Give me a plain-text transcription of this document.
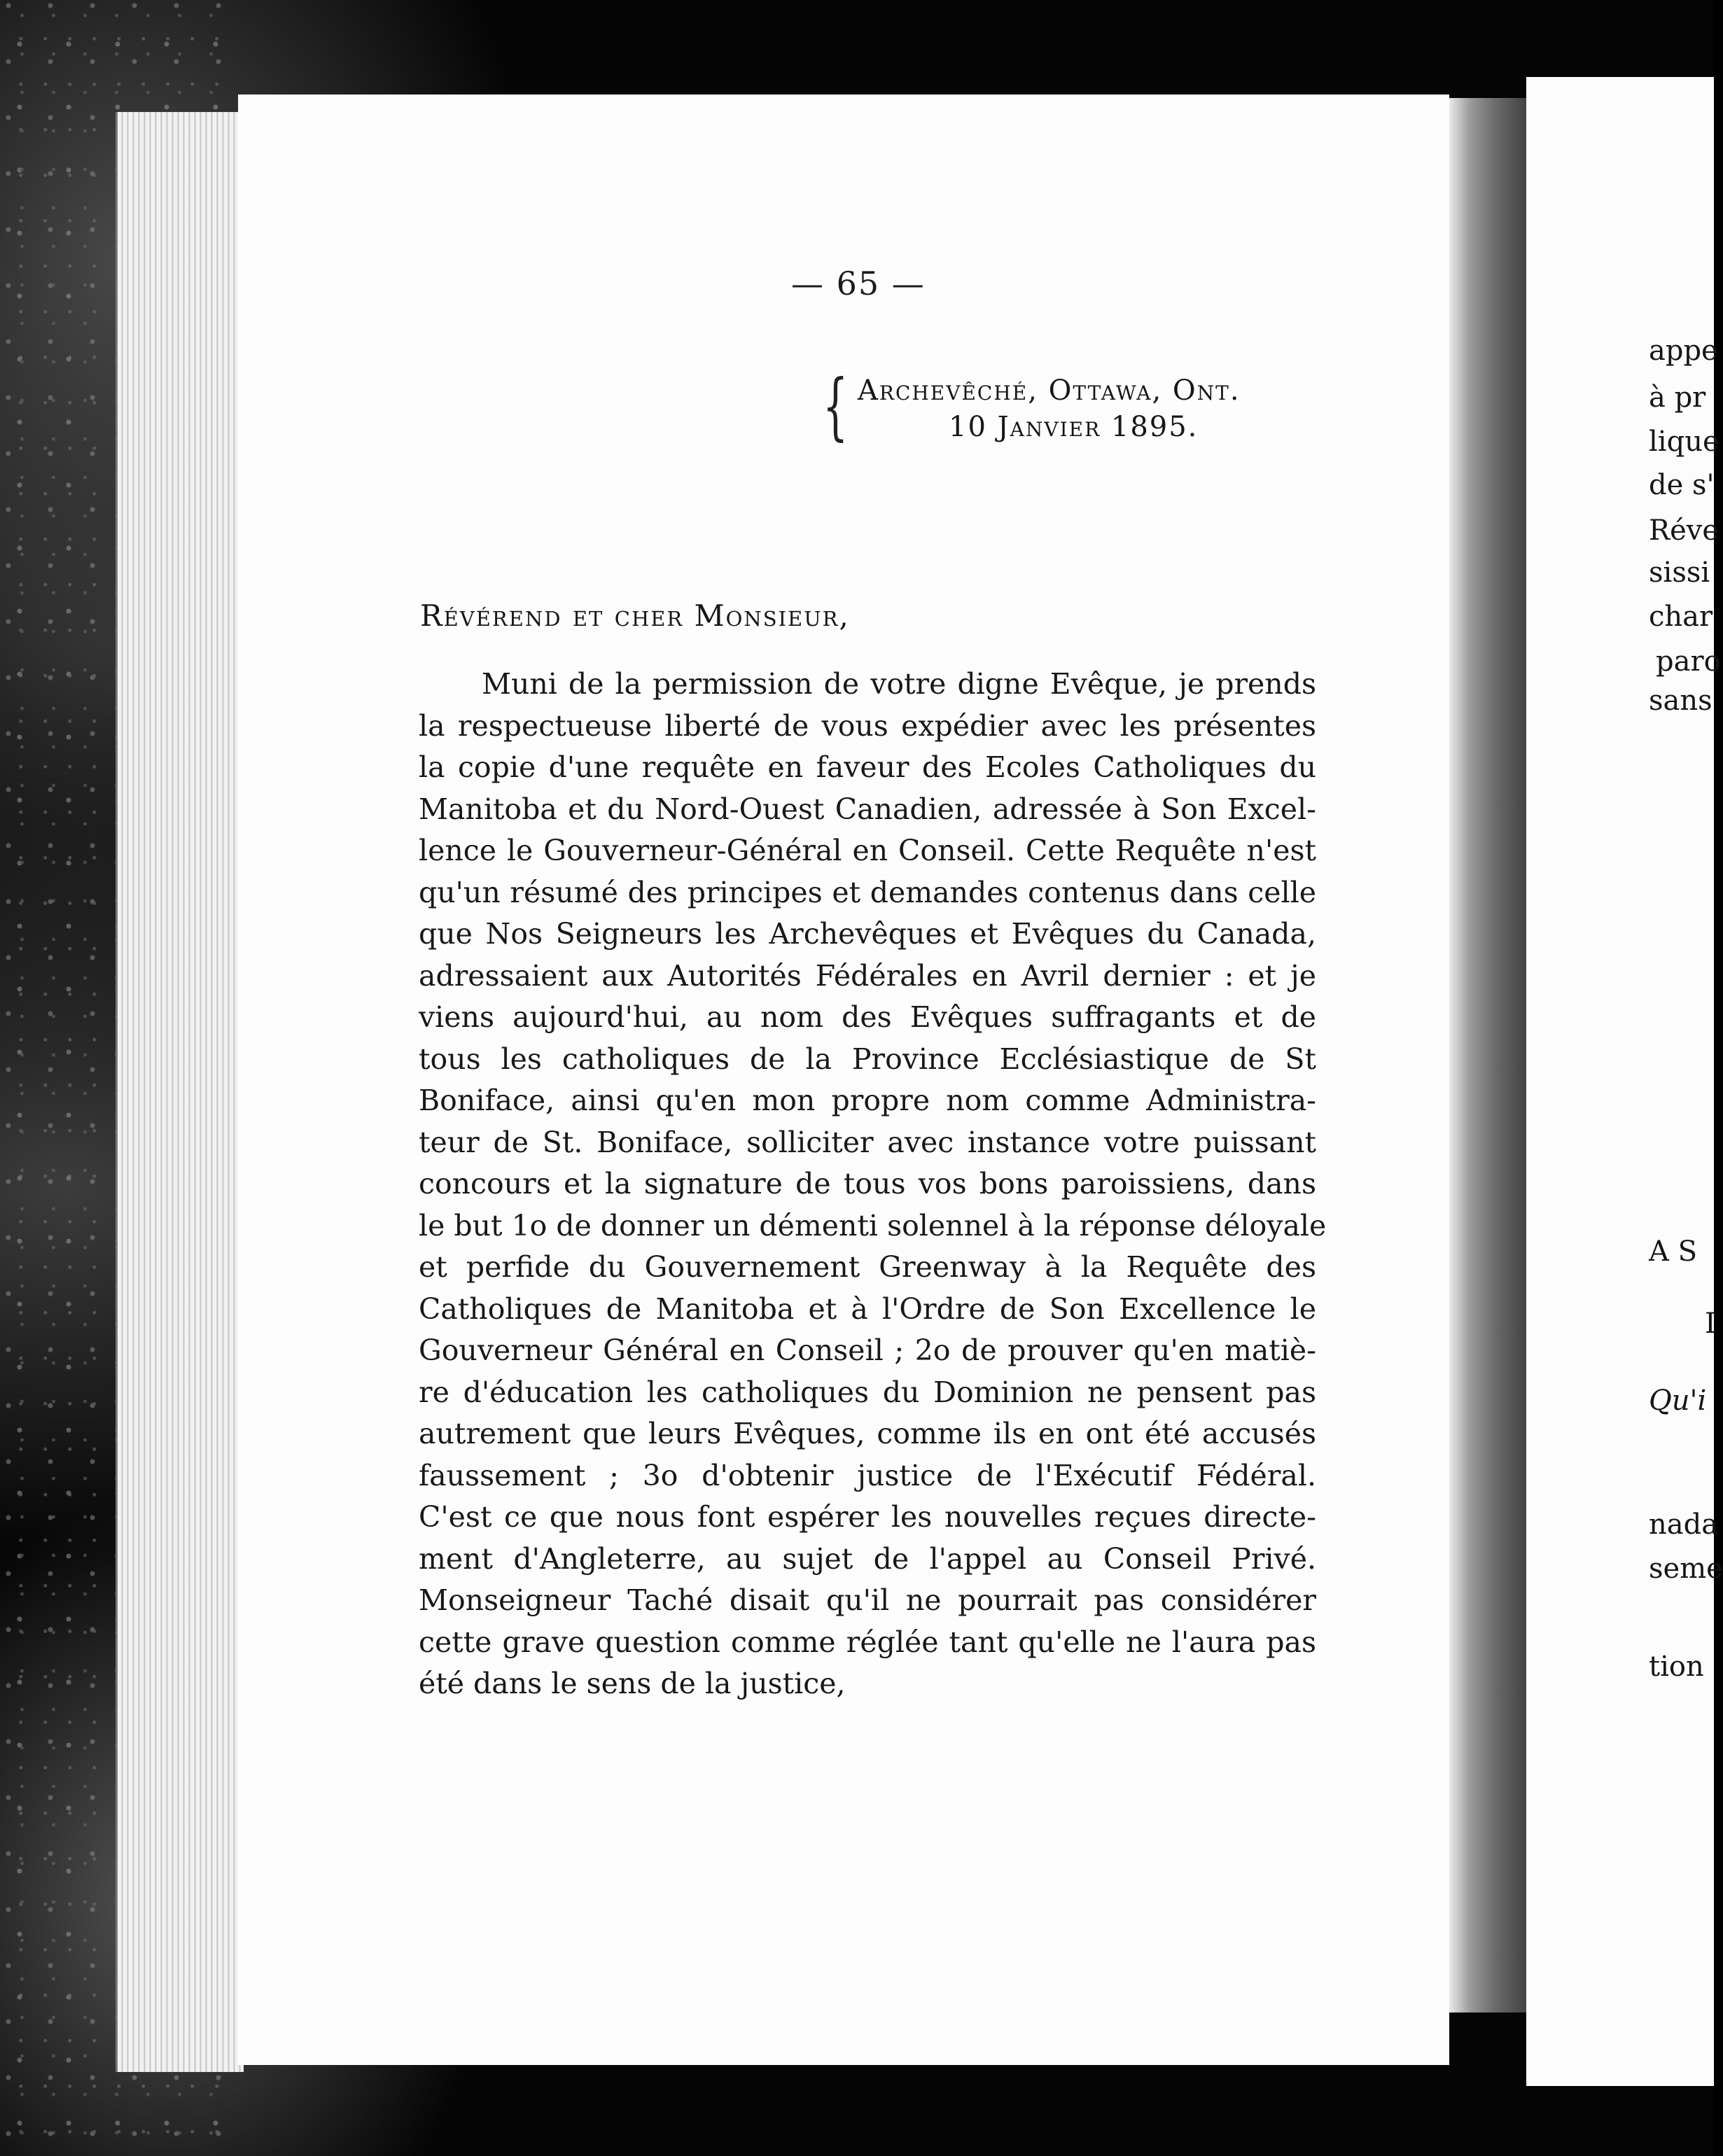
— 65 —
{ Archevêché, Ottawa, Ont.
10 Janvier 1895.
Révérend et cher Monsieur,
Muni de la permission de votre digne Evêque, je prends
la respectueuse liberté de vous expédier avec les présentes
la copie d'une requête en faveur des Ecoles Catholiques du
Manitoba et du Nord-Ouest Canadien, adressée à Son Excel-
lence le Gouverneur-Général en Conseil. Cette Requête n'est
qu'un résumé des principes et demandes contenus dans celle
que Nos Seigneurs les Archevêques et Evêques du Canada,
adressaient aux Autorités Fédérales en Avril dernier : et je
viens aujourd'hui, au nom des Evêques suffragants et de
tous les catholiques de la Province Ecclésiastique de St
Boniface, ainsi qu'en mon propre nom comme Administra-
teur de St. Boniface, solliciter avec instance votre puissant
concours et la signature de tous vos bons paroissiens, dans
le but 1o de donner un démenti solennel à la réponse déloyale
et perfide du Gouvernement Greenway à la Requête des
Catholiques de Manitoba et à l'Ordre de Son Excellence le
Gouverneur Général en Conseil ; 2o de prouver qu'en matiè-
re d'éducation les catholiques du Dominion ne pensent pas
autrement que leurs Evêques, comme ils en ont été accusés
faussement ; 3o d'obtenir justice de l'Exécutif Fédéral.
C'est ce que nous font espérer les nouvelles reçues directe-
ment d'Angleterre, au sujet de l'appel au Conseil Privé.
Monseigneur Taché disait qu'il ne pourrait pas considérer
cette grave question comme réglée tant qu'elle ne l'aura pas
été dans le sens de la justice,
appe
à pr
lique
de s'
Réve
sissi
char
paro
sans
A S
I
Qu'i
nada
seme
tion
